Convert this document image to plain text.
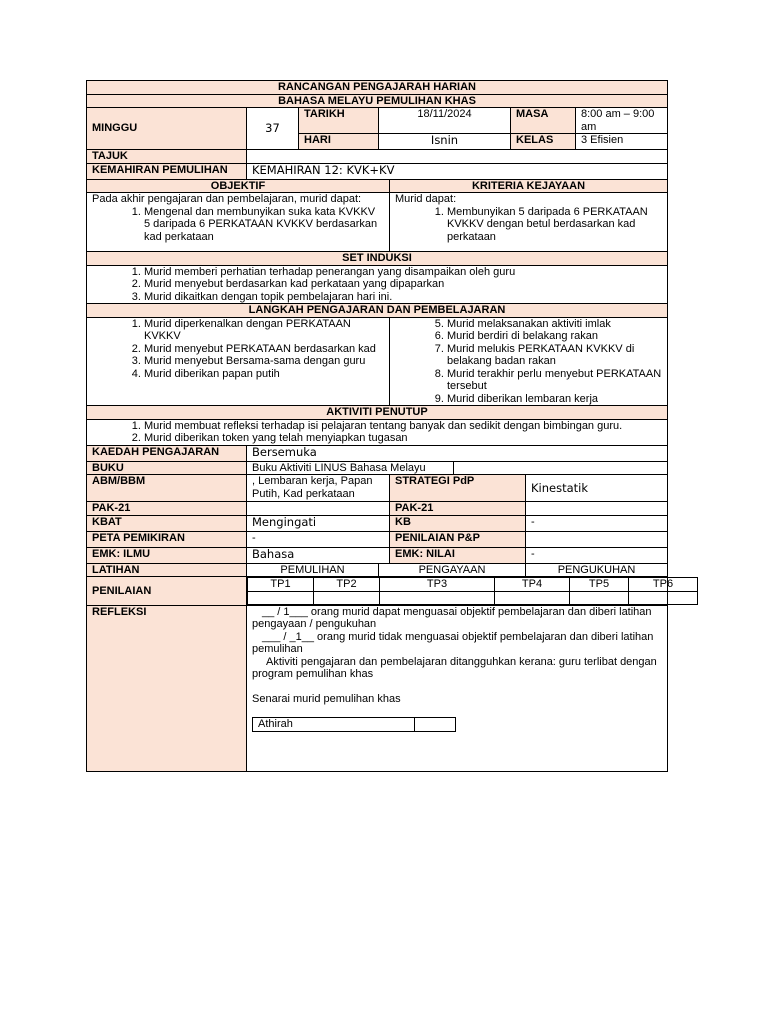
RANCANGAN PENGAJARAH HARIAN
BAHASA MELAYU PEMULIHAN KHAS
MINGGU	37	TARIKH	18/11/2024	MASA	8:00 am – 9:00 am
HARI	Isnin	KELAS	3 Efisien
TAJUK	
KEMAHIRAN PEMULIHAN	KEMAHIRAN 12: KVK+KV
OBJEKTIF	KRITERIA KEJAYAAN

Pada akhir pengajaran dan pembelajaran, murid dapat:
1. Mengenal dan membunyikan suka kata KVKKV 5 daripada 6 PERKATAAN KVKKV berdasarkan kad perkataan

Murid dapat:
1. Membunyikan 5 daripada 6 PERKATAAN KVKKV dengan betul berdasarkan kad perkataan

SET INDUKSI

1. Murid memberi perhatian terhadap penerangan yang disampaikan oleh guru
2. Murid menyebut berdasarkan kad perkataan yang dipaparkan
3. Murid dikaitkan dengan topik pembelajaran hari ini.

LANGKAH PENGAJARAN DAN PEMBELAJARAN

1. Murid diperkenalkan dengan PERKATAAN KVKKV
2. Murid menyebut PERKATAAN berdasarkan kad
3. Murid menyebut Bersama-sama dengan guru
4. Murid diberikan papan putih

5. Murid melaksanakan aktiviti imlak
6. Murid berdiri di belakang rakan
7. Murid melukis PERKATAAN KVKKV di belakang badan rakan
8. Murid terakhir perlu menyebut PERKATAAN tersebut
9. Murid diberikan lembaran kerja

AKTIVITI PENUTUP

1. Murid membuat refleksi terhadap isi pelajaran tentang banyak dan sedikit dengan bimbingan guru.
2. Murid diberikan token yang telah menyiapkan tugasan

KAEDAH PENGAJARAN	Bersemuka
BUKU	Buku Aktiviti LINUS Bahasa Melayu	
ABM/BBM	, Lembaran kerja, Papan Putih, Kad perkataan	STRATEGI PdP	Kinestatik
PAK-21		PAK-21	
KBAT	Mengingati	KB	-
PETA PEMIKIRAN	-	PENILAIAN P&P	
EMK: ILMU	Bahasa	EMK: NILAI	-
LATIHAN	PEMULIHAN	PENGAYAAN	PENGUKUHAN
PENILAIAN	
TP1	TP2	TP3	TP4	TP5	TP6

REFLEKSI	__ / 1___ orang murid dapat menguasai objektif pembelajaran dan diberi latihan pengayaan / pengukuhan

___ / _1__ orang murid tidak menguasai objektif pembelajaran dan diberi latihan pemulihan

Aktiviti pengajaran dan pembelajaran ditangguhkan kerana: guru terlibat dengan program pemulihan khas

Senarai murid pemulihan khas

Athirah	
